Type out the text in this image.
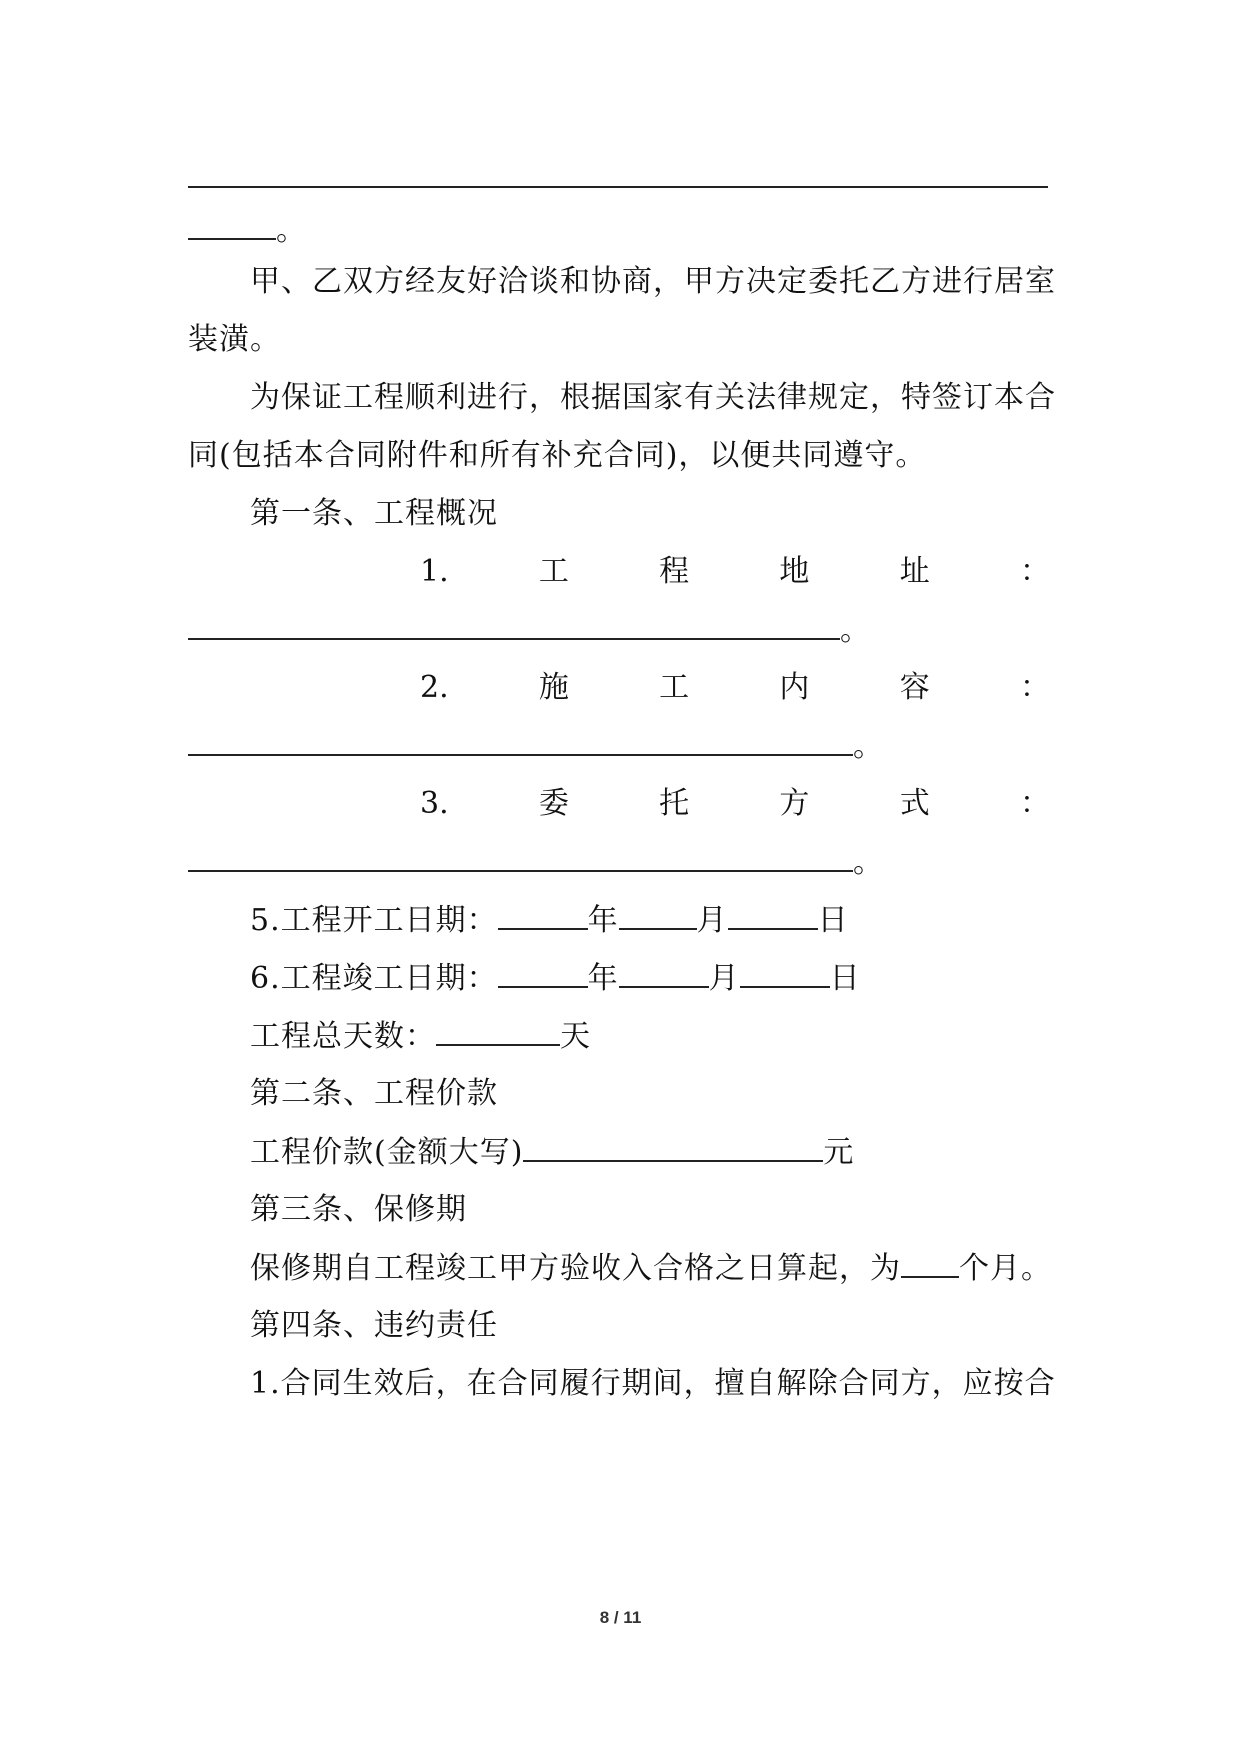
。
甲、乙双方经友好洽谈和协商，甲方决定委托乙方进行居室
装潢。
为保证工程顺利进行，根据国家有关法律规定，特签订本合
同(包括本合同附件和所有补充合同)，以便共同遵守。
第一条、工程概况
1.	工	程	地	址	：
。
2.	施	工	内	容	：
。
3.	委	托	方	式	：
。
5.工程开工日期：	年	月	日
6.工程竣工日期：	年	月	日
工程总天数：	天
第二条、工程价款
工程价款(金额大写)	元
第三条、保修期
保修期自工程竣工甲方验收入合格之日算起，为 个月。
第四条、违约责任
1.合同生效后，在合同履行期间，擅自解除合同方，应按合
8 / 11
